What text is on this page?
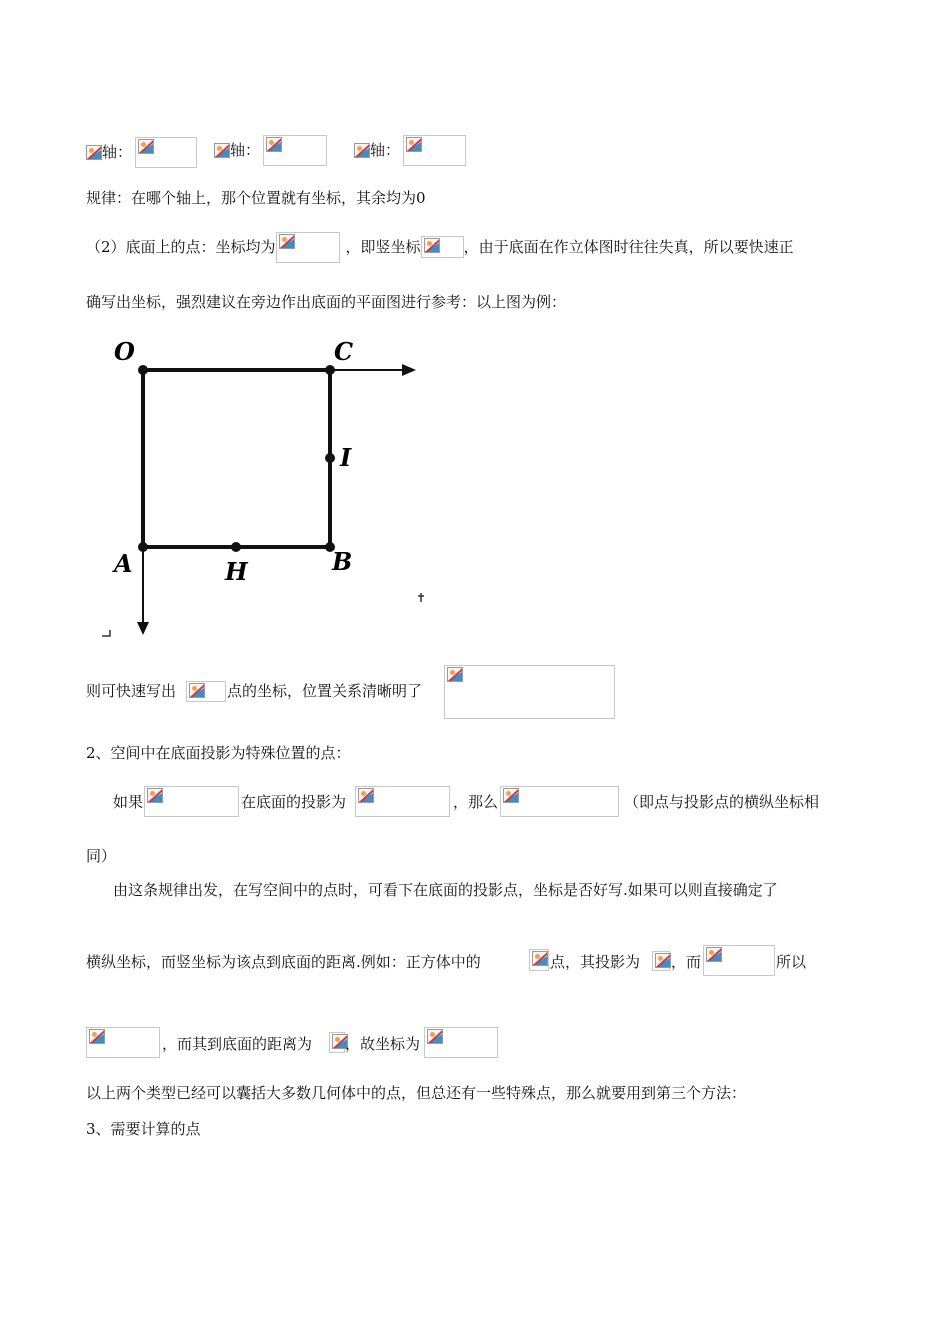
轴：	轴：	轴：
规律：在哪个轴上，那个位置就有坐标，其余均为0
（2）底面上的点：坐标均为	，即竖坐标	，由于底面在作立体图时往往失真，所以要快速正
确写出坐标，强烈建议在旁边作出底面的平面图进行参考：以上图为例：
O	C
I
A	H	B
则可快速写出	点的坐标，位置关系清晰明了
2、空间中在底面投影为特殊位置的点：
如果	在底面的投影为	，那么	（即点与投影点的横纵坐标相
同）
由这条规律出发，在写空间中的点时，可看下在底面的投影点，坐标是否好写.如果可以则直接确定了
横纵坐标，而竖坐标为该点到底面的距离.例如：正方体中的	点，其投影为 ，而	所以
，而其到底面的距离为 ，故坐标为
以上两个类型已经可以囊括大多数几何体中的点，但总还有一些特殊点，那么就要用到第三个方法：
3、需要计算的点
